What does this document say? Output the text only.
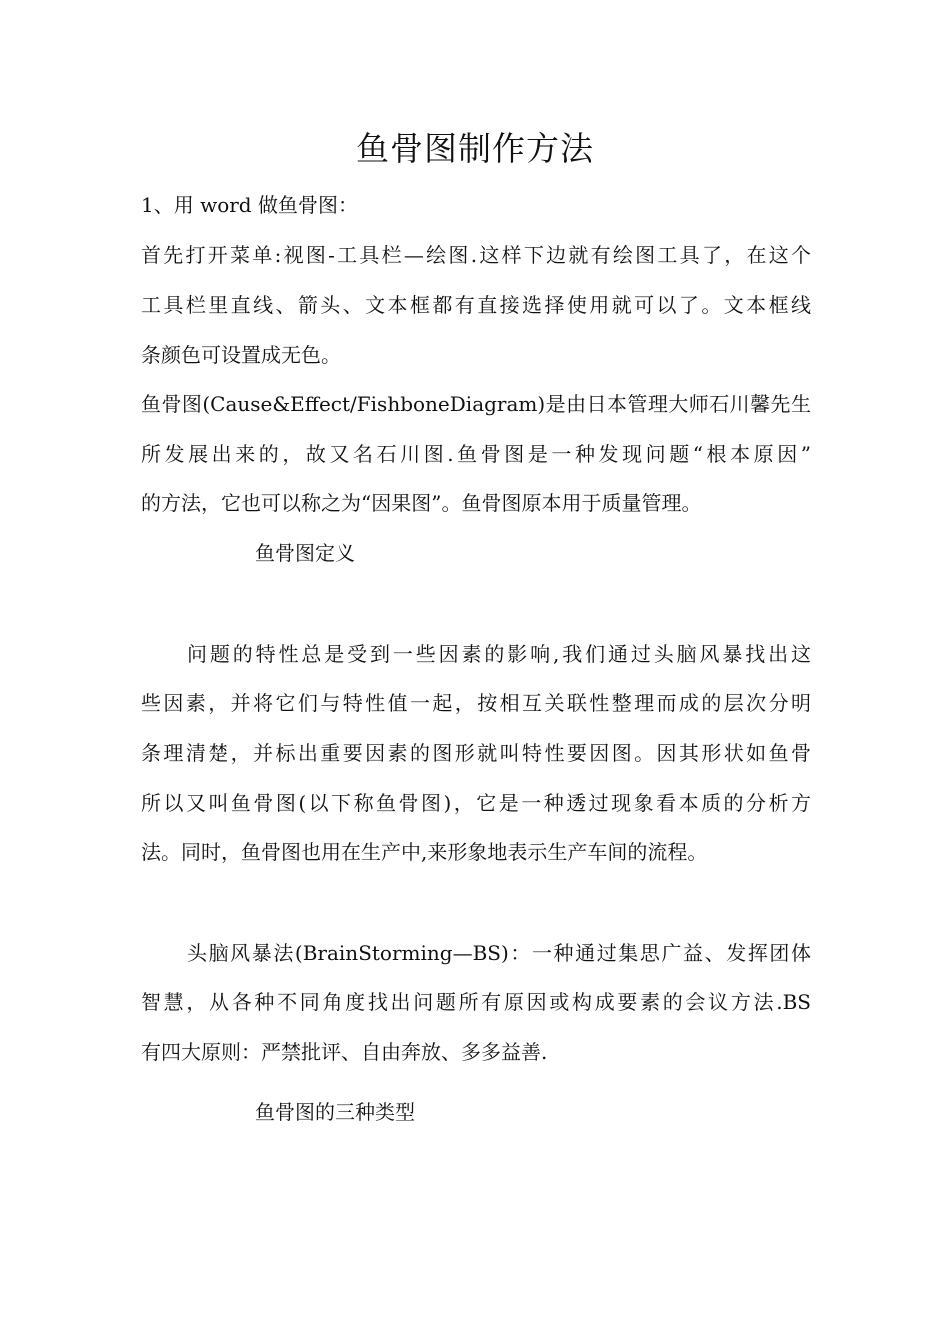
鱼骨图制作方法
1、用 word 做鱼骨图：
首先打开菜单:视图-工具栏—绘图.这样下边就有绘图工具了，在这个
工具栏里直线、箭头、文本框都有直接选择使用就可以了。文本框线
条颜色可设置成无色。
鱼骨图(Cause&Effect/FishboneDiagram)是由日本管理大师石川馨先生
所发展出来的，故又名石川图.鱼骨图是一种发现问题“根本原因”
的方法，它也可以称之为“因果图”。鱼骨图原本用于质量管理。
鱼骨图定义
问题的特性总是受到一些因素的影响,我们通过头脑风暴找出这
些因素，并将它们与特性值一起，按相互关联性整理而成的层次分明
条理清楚，并标出重要因素的图形就叫特性要因图。因其形状如鱼骨
所以又叫鱼骨图(以下称鱼骨图)，它是一种透过现象看本质的分析方
法。同时，鱼骨图也用在生产中,来形象地表示生产车间的流程。
头脑风暴法(BrainStorming—BS)：一种通过集思广益、发挥团体
智慧，从各种不同角度找出问题所有原因或构成要素的会议方法.BS
有四大原则：严禁批评、自由奔放、多多益善.
鱼骨图的三种类型
